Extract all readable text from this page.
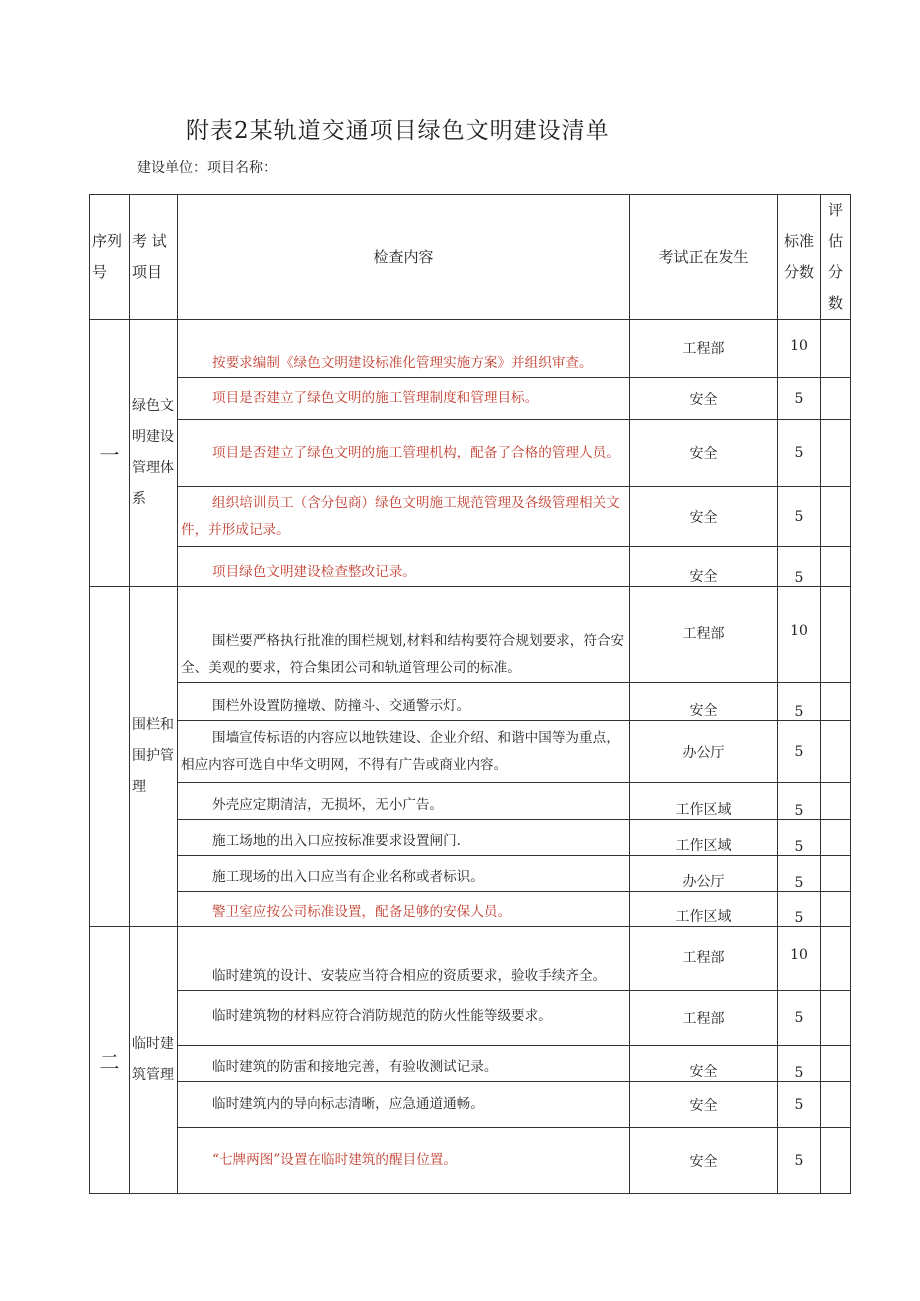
附表2某轨道交通项目绿色文明建设清单
建设单位：项目名称：
序列号	考 试项目	检查内容	考试正在发生	标准分数	评估分数
一	绿色文明建设管理体系	按要求编制《绿色文明建设标准化管理实施方案》并组织审查。	工程部	10	
		项目是否建立了绿色文明的施工管理制度和管理目标。	安全	5	
		项目是否建立了绿色文明的施工管理机构，配备了合格的管理人员。	安全	5	
		组织培训员工（含分包商）绿色文明施工规范管理及各级管理相关文件，并形成记录。	安全	5	
		项目绿色文明建设检查整改记录。	安全	5	
	围栏和围护管理	围栏要严格执行批准的围栏规划,材料和结构要符合规划要求，符合安全、美观的要求，符合集团公司和轨道管理公司的标准。	工程部	10	
		围栏外设置防撞墩、防撞斗、交通警示灯。	安全	5	
		围墙宣传标语的内容应以地铁建设、企业介绍、和谐中国等为重点，相应内容可选自中华文明网，不得有广告或商业内容。	办公厅	5	
		外壳应定期清洁，无损坏，无小广告。	工作区域	5	
		施工场地的出入口应按标准要求设置闸门.	工作区域	5	
		施工现场的出入口应当有企业名称或者标识。	办公厅	5	
		警卫室应按公司标准设置，配备足够的安保人员。	工作区域	5	
二	临时建筑管理	临时建筑的设计、安装应当符合相应的资质要求，验收手续齐全。	工程部	10	
		临时建筑物的材料应符合消防规范的防火性能等级要求。	工程部	5	
		临时建筑的防雷和接地完善，有验收测试记录。	安全	5	
		临时建筑内的导向标志清晰，应急通道通畅。	安全	5	
		“七牌两图”设置在临时建筑的醒目位置。	安全	5	
